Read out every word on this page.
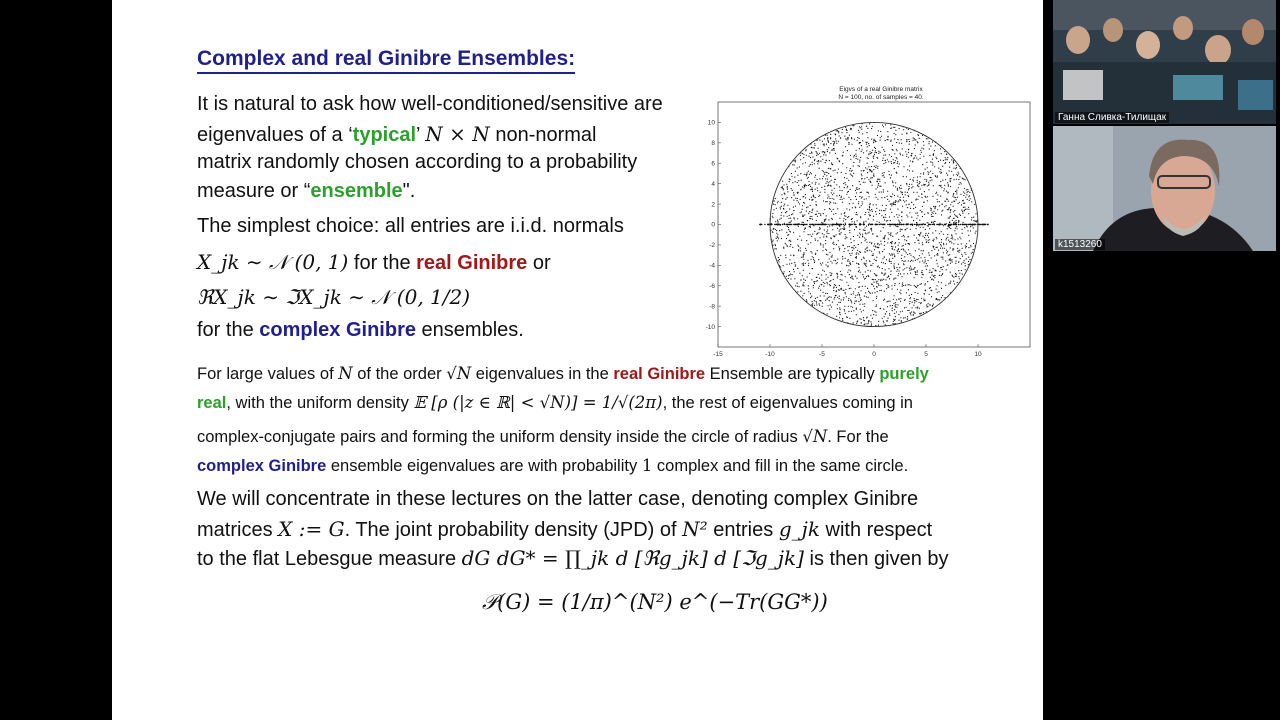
Complex and real Ginibre Ensembles:
It is natural to ask how well-conditioned/sensitive are
eigenvalues of a ‘typical’ N × N non-normal
matrix randomly chosen according to a probability
measure or “ensemble".
The simplest choice: all entries are i.i.d. normals
X_jk ∼ 𝒩 (0, 1) for the real Ginibre or
ℜX_jk ∼ ℑX_jk ∼ 𝒩 (0, 1/2)
for the complex Ginibre ensembles.
For large values of N of the order √N eigenvalues in the real Ginibre Ensemble are typically purely
real, with the uniform density 𝔼 [ρ (|z ∈ ℝ| < √N)] = 1/√(2π), the rest of eigenvalues coming in
complex-conjugate pairs and forming the uniform density inside the circle of radius √N. For the
complex Ginibre ensemble eigenvalues are with probability 1 complex and fill in the same circle.
We will concentrate in these lectures on the latter case, denoting complex Ginibre
matrices X := G. The joint probability density (JPD) of N² entries g_jk with respect
to the flat Lebesgue measure dG dG* = ∏_jk d [ℜg_jk] d [ℑg_jk] is then given by
𝒫(G) = (1/π)^(N²) e^(−Tr(GG*))
Eigvs of a real Ginibre matrix
N = 100, no. of samples = 40.
-15	-10	-5	0	5	10
10
8
6
4
2
0
-2
-4
-6
-8
-10
Ганна Сливка-Тилищак
k1513260
